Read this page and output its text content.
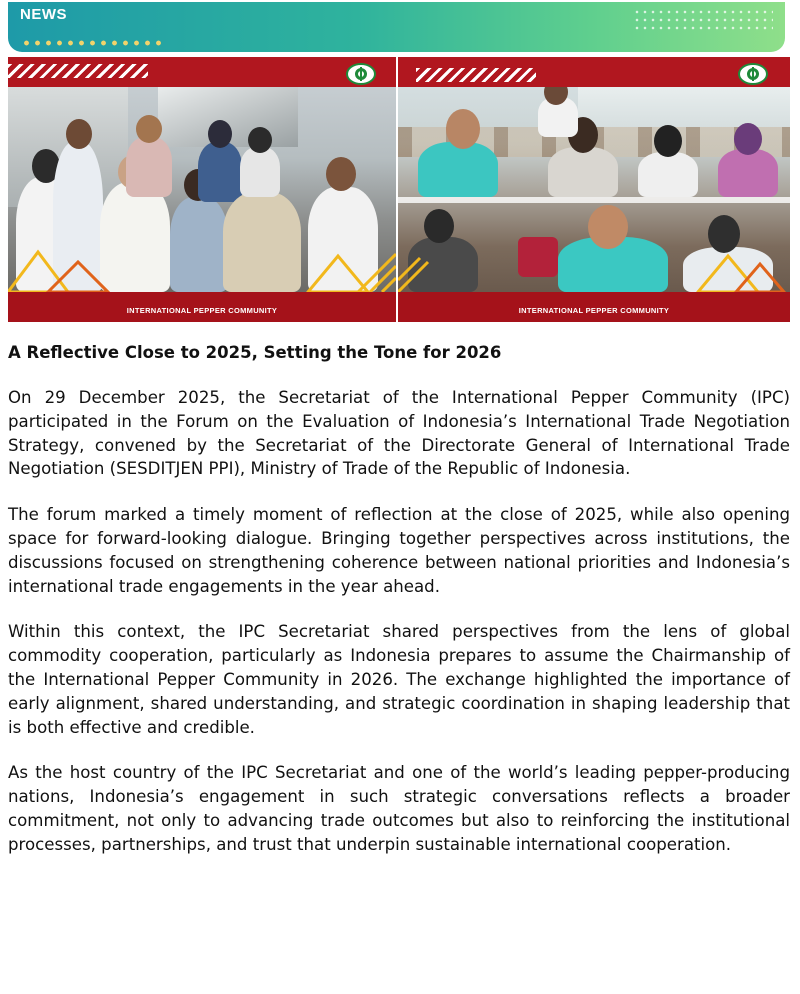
NEWS
INTERNATIONAL PEPPER COMMUNITY	INTERNATIONAL PEPPER COMMUNITY
A Reflective Close to 2025, Setting the Tone for 2026

On 29 December 2025, the Secretariat of the International Pepper Community (IPC) participated in the Forum on the Evaluation of Indonesia’s International Trade Negotiation Strategy, convened by the Secretariat of the Directorate General of International Trade Negotiation (SESDITJEN PPI), Ministry of Trade of the Republic of Indonesia.

The forum marked a timely moment of reflection at the close of 2025, while also opening space for forward-looking dialogue. Bringing together perspectives across institutions, the discussions focused on strengthening coherence between national priorities and Indonesia’s international trade engagements in the year ahead.

Within this context, the IPC Secretariat shared perspectives from the lens of global commodity cooperation, particularly as Indonesia prepares to assume the Chairmanship of the International Pepper Community in 2026. The exchange highlighted the importance of early alignment, shared understanding, and strategic coordination in shaping leadership that is both effective and credible.

As the host country of the IPC Secretariat and one of the world’s leading pepper-producing nations, Indonesia’s engagement in such strategic conversations reflects a broader commitment, not only to advancing trade outcomes but also to reinforcing the institutional processes, partnerships, and trust that underpin sustainable international cooperation.
